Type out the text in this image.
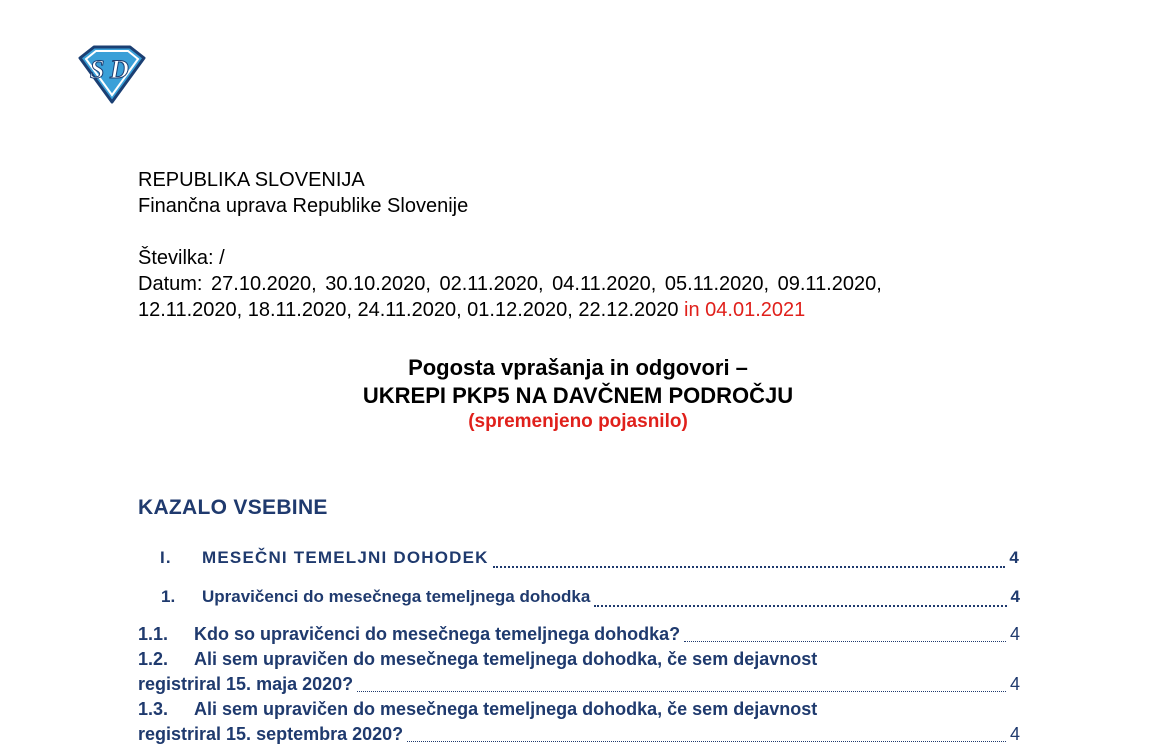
S D
REPUBLIKA SLOVENIJA
Finančna uprava Republike Slovenije
Številka: /
Datum: 27.10.2020, 30.10.2020, 02.11.2020, 04.11.2020, 05.11.2020, 09.11.2020,
12.11.2020, 18.11.2020, 24.11.2020, 01.12.2020, 22.12.2020 in 04.01.2021
Pogosta vprašanja in odgovori –
UKREPI PKP5 NA DAVČNEM PODROČJU
(spremenjeno pojasnilo)
KAZALO VSEBINE
I.	MESEČNI TEMELJNI DOHODEK	4
1.	Upravičenci do mesečnega temeljnega dohodka	4
1.1.	Kdo so upravičenci do mesečnega temeljnega dohodka?	4
1.2. Ali sem upravičen do mesečnega temeljnega dohodka, če sem dejavnost
registriral 15. maja 2020?	4
1.3. Ali sem upravičen do mesečnega temeljnega dohodka, če sem dejavnost
registriral 15. septembra 2020?	4
